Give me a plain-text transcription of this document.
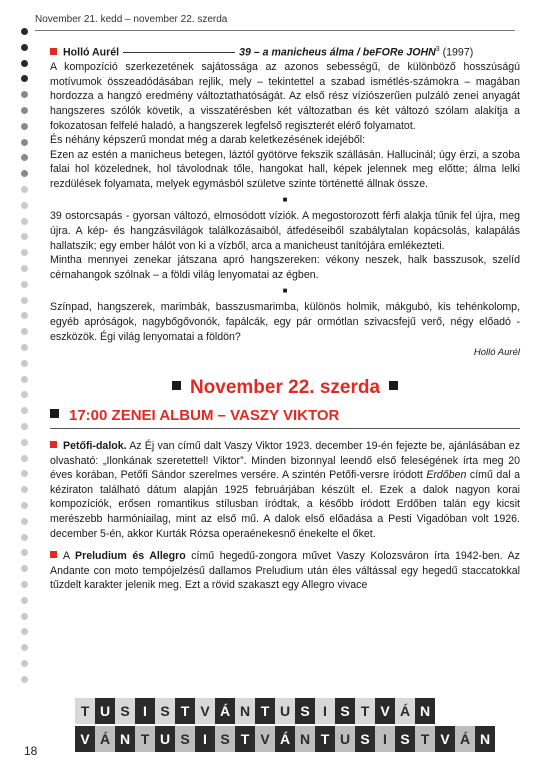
November 21. kedd – november 22. szerda

Holló Aurél	39 – a manicheus álma / beFORe JOHN$^3$ (1997)

A kompozíció szerkezetének sajátossága az azonos sebességű, de különböző hosszúságú motívumok összeadódásában rejlik, mely – tekintettel a szabad ismétlés-számokra – magában hordozza a hangzó eredmény változtathatóságát. Az első rész víziószerűen pulzáló zenei anyagát hangszeres szólók követik, a visszatérésben két változatban és két változó szólam alakítja a fokozatosan felfelé haladó, a hangszerek legfelső regiszterét elérő folyamatot.

És néhány képszerű mondat még a darab keletkezésének idejéből:

Ezen az estén a manicheus betegen, láztól gyötörve fekszik szállásán. Hallucinál; úgy érzi, a szoba falai hol közelednek, hol távolodnak tőle, hangokat hall, képek jelennek meg előtte; álma lelki rezdülések folyamata, melyek egymásból születve szinte történetté állnak össze.

■

39 ostorcsapás - gyorsan változó, elmosódott víziók. A megostorozott férfi alakja tűnik fel újra, meg újra. A kép- és hangzásvilágok találkozásaiból, átfedéseiből szabálytalan kopácsolás, kalapálás hallatszik; egy ember hálót von ki a vízből, arca a manicheust tanítójára emlékezteti.

Mintha mennyei zenekar játszana apró hangszereken: vékony neszek, halk basszusok, szelíd cérnahangok szólnak – a földi világ lenyomatai az égben.

■

Színpad, hangszerek, marimbák, basszusmarimba, különös holmik, mákgubó, kis tehénkolomp, egyéb apróságok, nagybőgővonók, fapálcák, egy pár ormótlan szivacsfejű verő, négy előadó - eszközök. Égi világ lenyomatai a földön?

Holló Aurél
November 22. szerda
17:00 ZENEI ALBUM – VASZY VIKTOR

Petőfi-dalok. Az Éj van című dalt Vaszy Viktor 1923. december 19-én fejezte be, ajánlásában ez olvasható: „Ilonkának szeretettel! Viktor”. Minden bizonnyal leendő első feleségének írta meg 20 éves korában, Petőfi Sándor szerelmes versére. A szintén Petőfi-versre íródott Erdőben című dal a kéziraton található dátum alapján 1925 februárjában készült el. Ezek a dalok nagyon korai kompozíciók, erősen romantikus stílusban íródtak, a később íródott Erdőben talán egy kicsit merészebb harmóniailag, mint az első mű. A dalok első előadása a Pesti Vigadóban volt 1926. december 5-én, akkor Kurták Rózsa operaénekesnő énekelte el őket.

A Preludium és Allegro című hegedű-zongora művet Vaszy Kolozsváron írta 1942-ben. Az Andante con moto tempójelzésű dallamos Preludium után éles váltással egy hegedű staccatokkal tűzdelt karakter jelenik meg. Ezt a rövid szakaszt egy Allegro vivace

T U S I S T V Á N T U S I S T V Á N
V Á N T U S I S T V Á N T U S I S T V Á N
18
